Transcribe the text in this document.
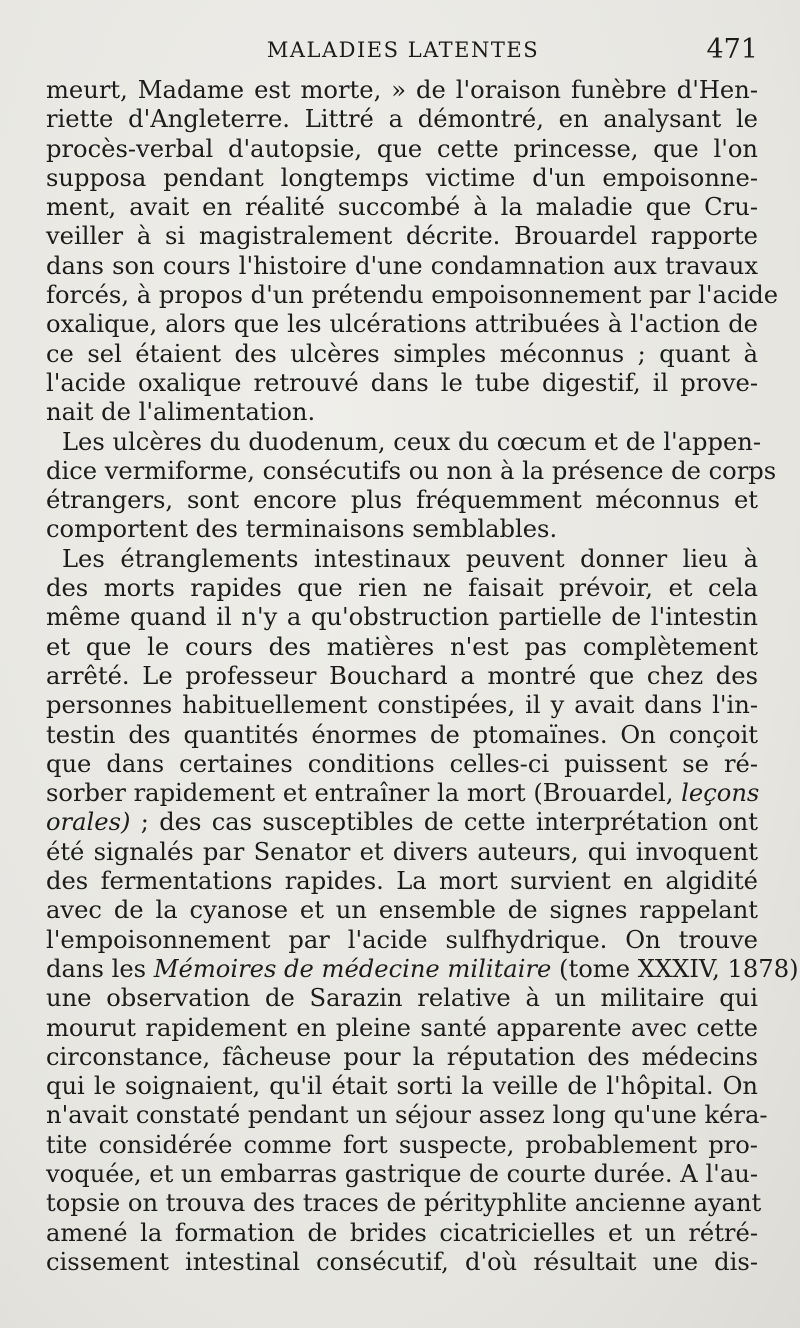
MALADIES LATENTES	471
meurt, Madame est morte, » de l'oraison funèbre d'Hen-
riette d'Angleterre. Littré a démontré, en analysant le
procès-verbal d'autopsie, que cette princesse, que l'on
supposa pendant longtemps victime d'un empoisonne-
ment, avait en réalité succombé à la maladie que Cru-
veiller à si magistralement décrite. Brouardel rapporte
dans son cours l'histoire d'une condamnation aux travaux
forcés, à propos d'un prétendu empoisonnement par l'acide
oxalique, alors que les ulcérations attribuées à l'action de
ce sel étaient des ulcères simples méconnus ; quant à
l'acide oxalique retrouvé dans le tube digestif, il prove-
nait de l'alimentation.
Les ulcères du duodenum, ceux du cœcum et de l'appen-
dice vermiforme, consécutifs ou non à la présence de corps
étrangers, sont encore plus fréquemment méconnus et
comportent des terminaisons semblables.
Les étranglements intestinaux peuvent donner lieu à
des morts rapides que rien ne faisait prévoir, et cela
même quand il n'y a qu'obstruction partielle de l'intestin
et que le cours des matières n'est pas complètement
arrêté. Le professeur Bouchard a montré que chez des
personnes habituellement constipées, il y avait dans l'in-
testin des quantités énormes de ptomaïnes. On conçoit
que dans certaines conditions celles-ci puissent se ré-
sorber rapidement et entraîner la mort (Brouardel, leçons
orales) ; des cas susceptibles de cette interprétation ont
été signalés par Senator et divers auteurs, qui invoquent
des fermentations rapides. La mort survient en algidité
avec de la cyanose et un ensemble de signes rappelant
l'empoisonnement par l'acide sulfhydrique. On trouve
dans les Mémoires de médecine militaire (tome XXXIV, 1878)
une observation de Sarazin relative à un militaire qui
mourut rapidement en pleine santé apparente avec cette
circonstance, fâcheuse pour la réputation des médecins
qui le soignaient, qu'il était sorti la veille de l'hôpital. On
n'avait constaté pendant un séjour assez long qu'une kéra-
tite considérée comme fort suspecte, probablement pro-
voquée, et un embarras gastrique de courte durée. A l'au-
topsie on trouva des traces de pérityphlite ancienne ayant
amené la formation de brides cicatricielles et un rétré-
cissement intestinal consécutif, d'où résultait une dis-
